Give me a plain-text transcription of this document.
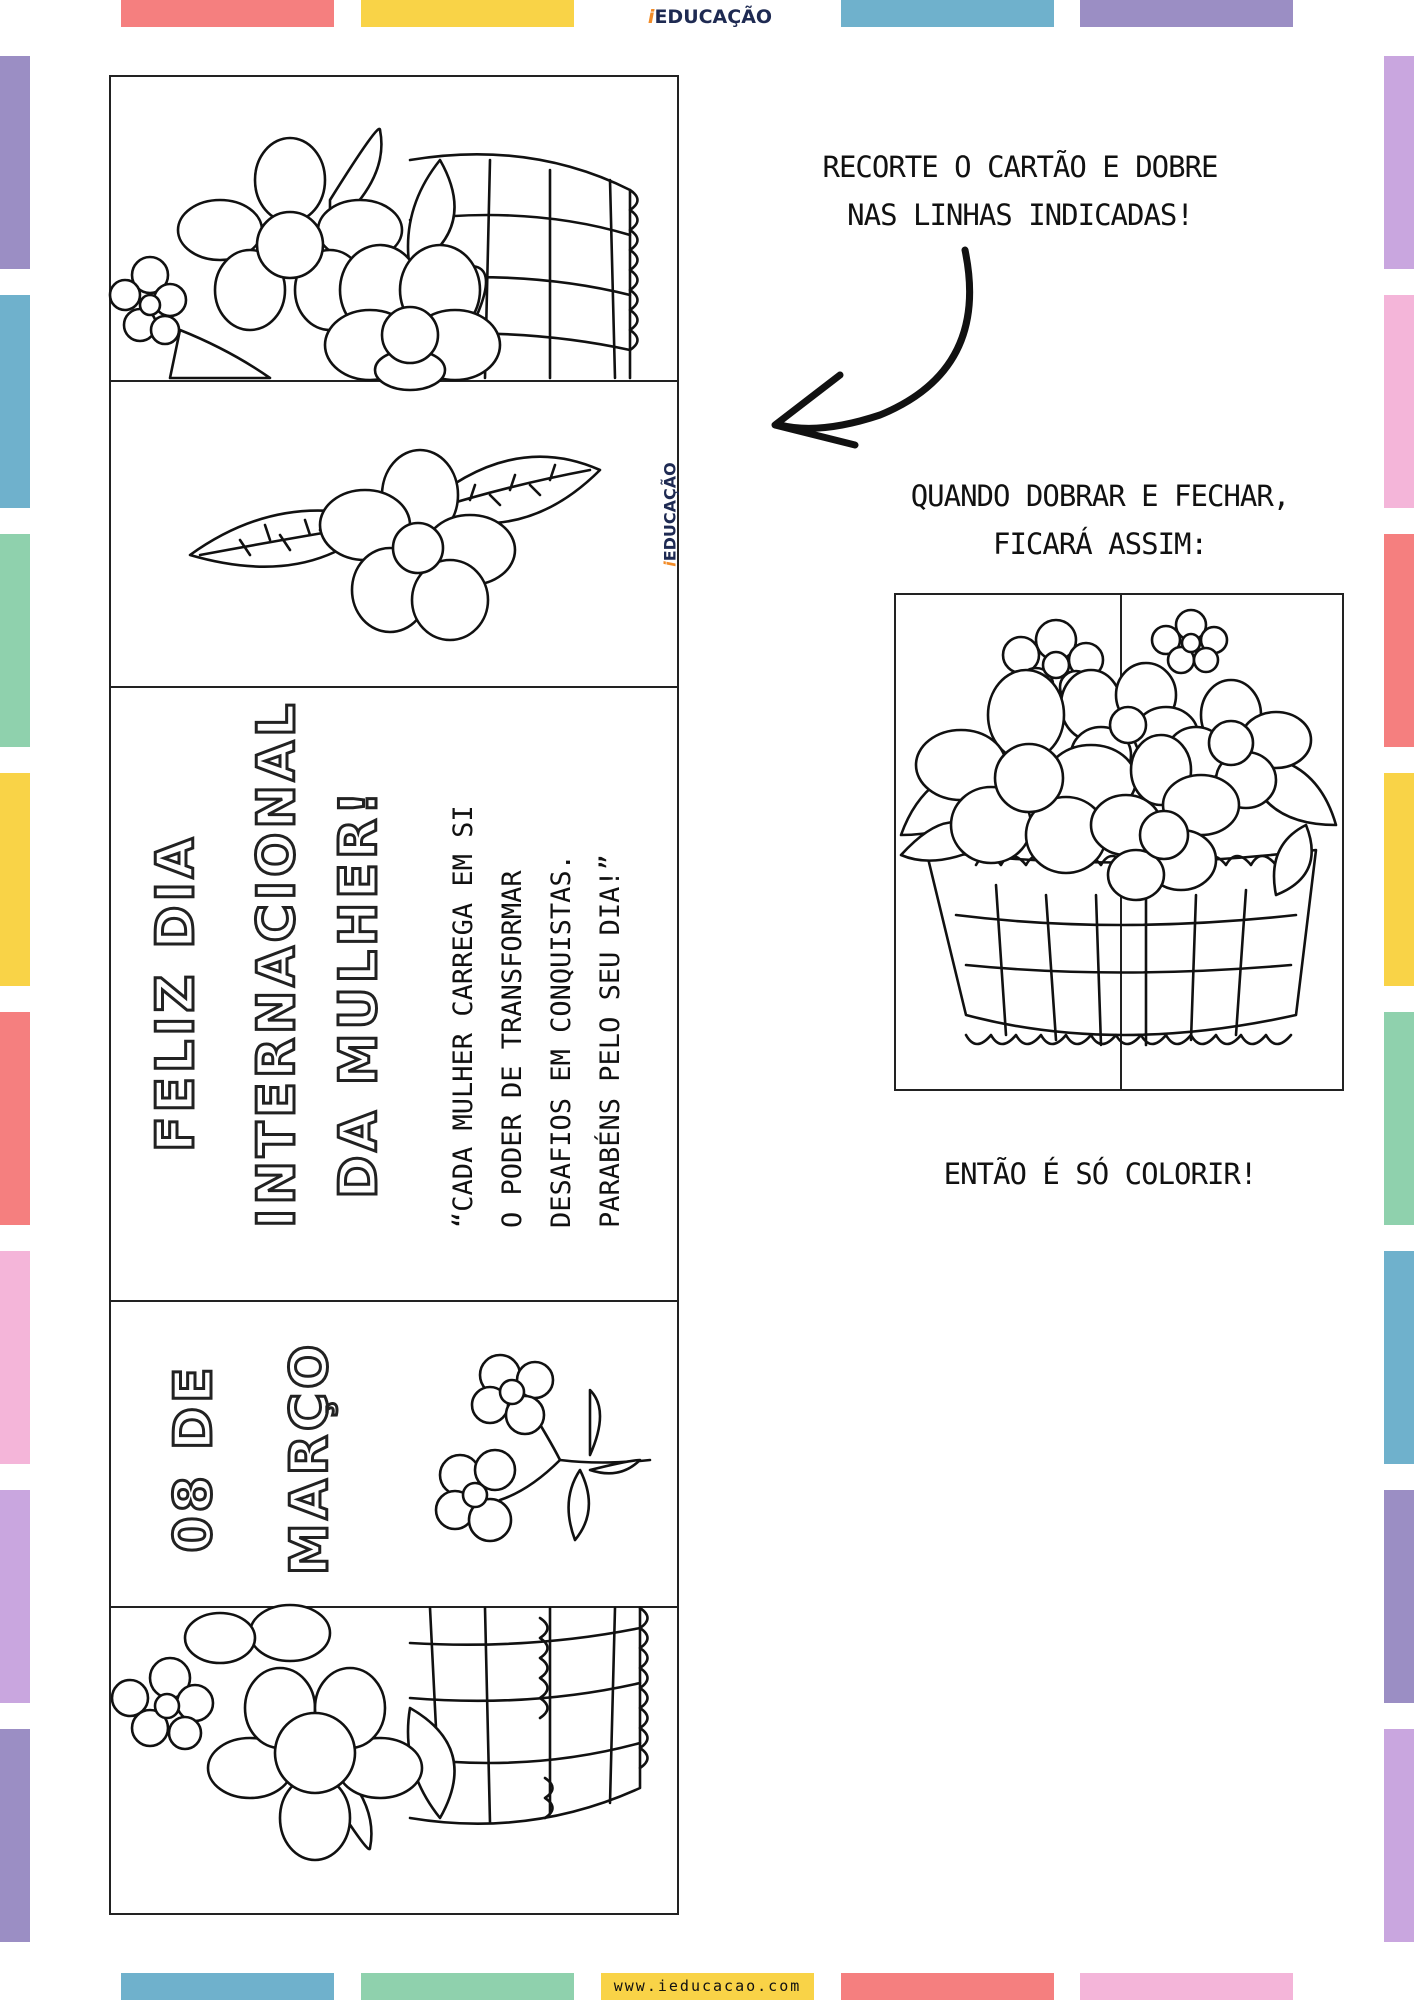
iEDUCAÇÃO
www.ieducacao.com
iEDUCAÇÃO
FELIZ DIA INTERNACIONAL DA MULHER!	“CADA MULHER CARREGA EM SI O PODER DE TRANSFORMAR DESAFIOS EM CONQUISTAS. PARABÉNS PELO SEU DIA!”
08 DE MARÇO
RECORTE O CARTÃO E DOBRE
NAS LINHAS INDICADAS!
QUANDO DOBRAR E FECHAR,
FICARÁ ASSIM:
ENTÃO É SÓ COLORIR!
